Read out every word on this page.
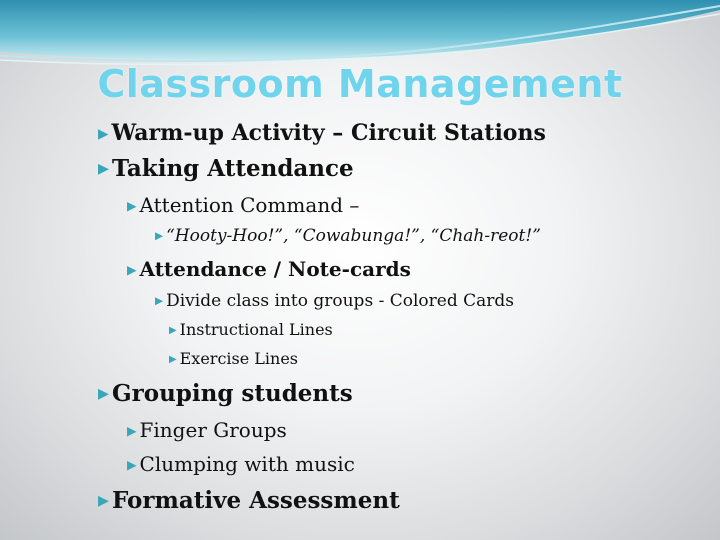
Classroom Management
▶ Warm-up Activity – Circuit Stations
▶ Taking Attendance
▶ Attention Command –
▶ “Hooty-Hoo!”, “Cowabunga!”, “Chah-reot!”
▶ Attendance / Note-cards
▶ Divide class into groups - Colored Cards
▶ Instructional Lines
▶ Exercise Lines
▶ Grouping students
▶ Finger Groups
▶ Clumping with music
▶ Formative Assessment
